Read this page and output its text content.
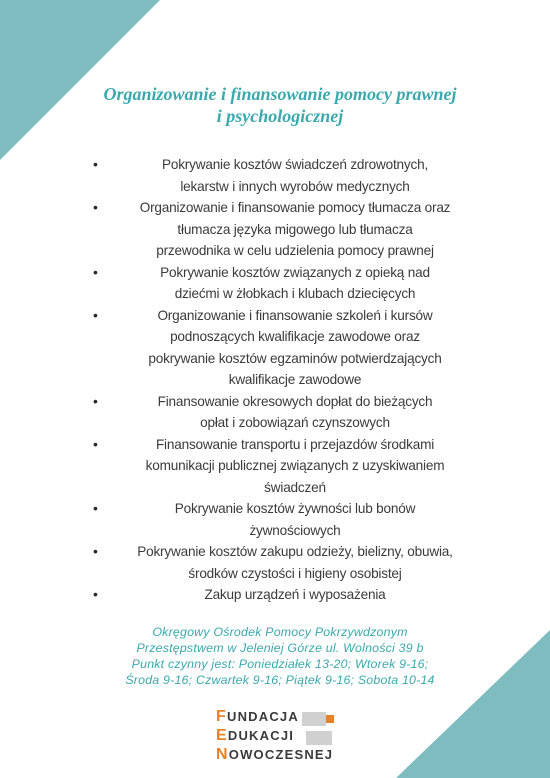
Organizowanie i finansowanie pomocy prawnej
i psychologicznej
•	Pokrywanie kosztów świadczeń zdrowotnych,
lekarstw i innych wyrobów medycznych
•	Organizowanie i finansowanie pomocy tłumacza oraz
tłumacza języka migowego lub tłumacza
przewodnika w celu udzielenia pomocy prawnej
•	Pokrywanie kosztów związanych z opieką nad
dziećmi w żłobkach i klubach dziecięcych
•	Organizowanie i finansowanie szkoleń i kursów
podnoszących kwalifikacje zawodowe oraz
pokrywanie kosztów egzaminów potwierdzających
kwalifikacje zawodowe
•	Finansowanie okresowych dopłat do bieżących
opłat i zobowiązań czynszowych
•	Finansowanie transportu i przejazdów środkami
komunikacji publicznej związanych z uzyskiwaniem
świadczeń
•	Pokrywanie kosztów żywności lub bonów
żywnościowych
•	Pokrywanie kosztów zakupu odzieży, bielizny, obuwia,
środków czystości i higieny osobistej
•	Zakup urządzeń i wyposażenia
Okręgowy Ośrodek Pomocy Pokrzywdzonym
Przestępstwem w Jeleniej Górze ul. Wolności 39 b
Punkt czynny jest: Poniedziałek 13-20; Wtorek 9-16;
Środa 9-16; Czwartek 9-16; Piątek 9-16; Sobota 10-14
FUNDACJA
EDUKACJI
NOWOCZESNEJ
